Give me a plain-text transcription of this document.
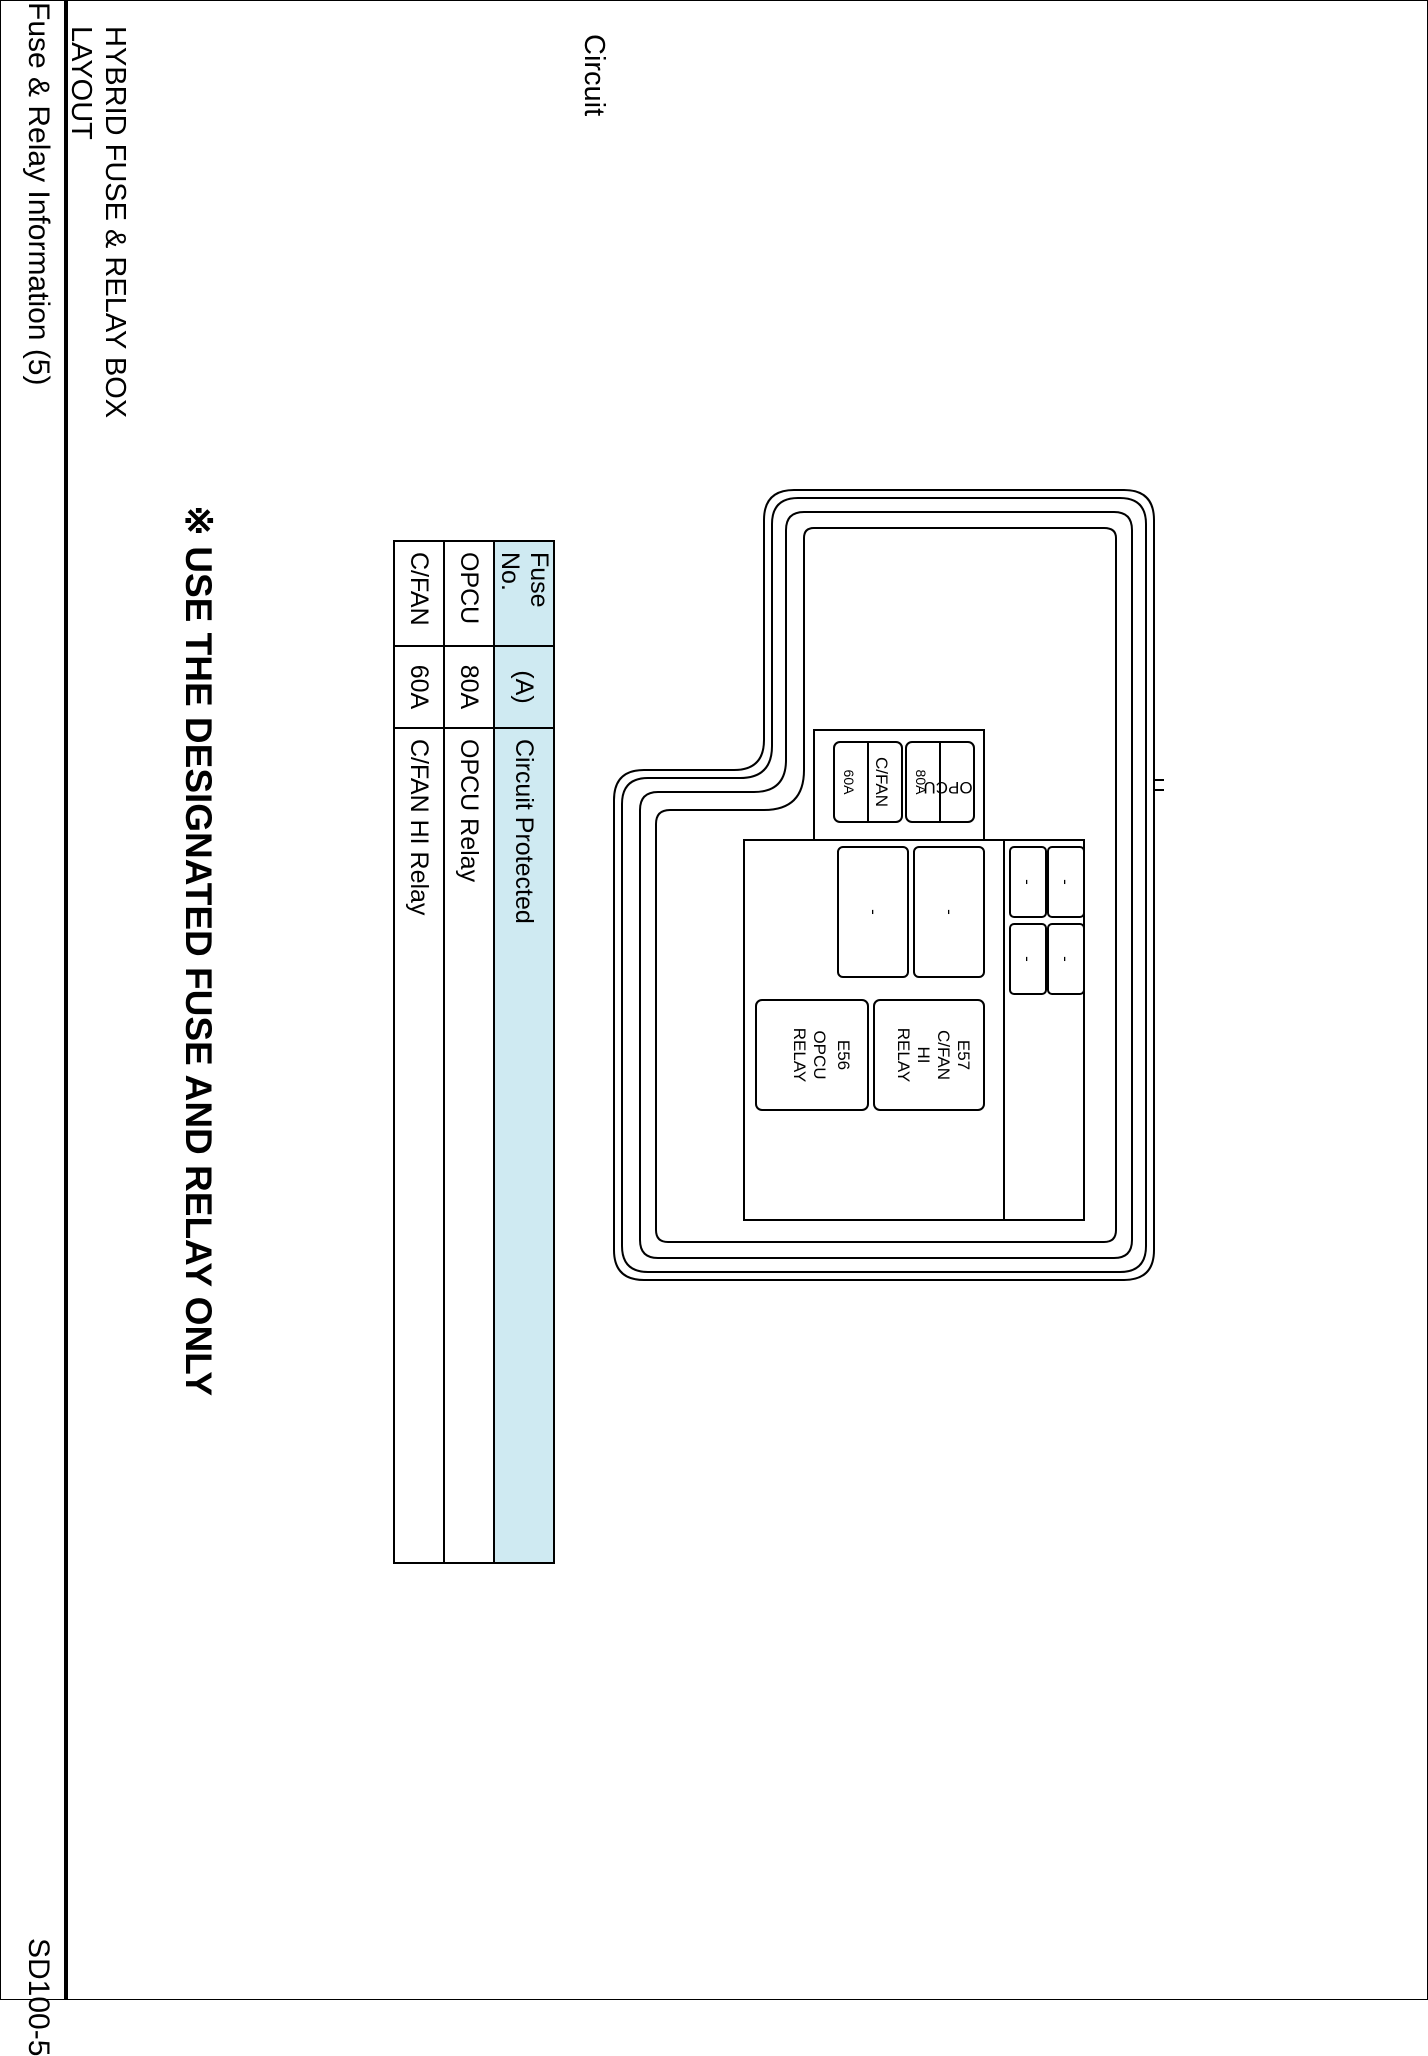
Fuse & Relay Information (5)
SD100-5
HYBRID FUSE & RELAY BOX
LAYOUT	Circuit
OPCU
80A
C/FAN
60A
-
-
-
-
-
-
E57
C/FAN
HI
RELAY
E56
OPCU
RELAY
Fuse No.	(A)	Circuit Protected
OPCU	80A	OPCU Relay
C/FAN	60A	C/FAN HI Relay
※ USE THE DESIGNATED FUSE AND RELAY ONLY
